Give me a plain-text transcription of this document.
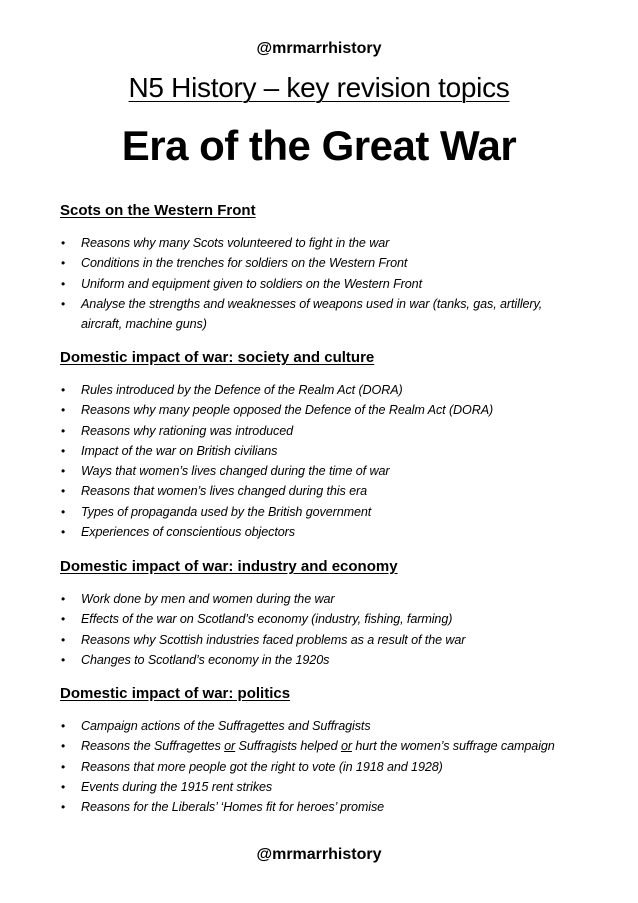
@mrmarrhistory
N5 History – key revision topics
Era of the Great War
Scots on the Western Front
• Reasons why many Scots volunteered to fight in the war
• Conditions in the trenches for soldiers on the Western Front
• Uniform and equipment given to soldiers on the Western Front
• Analyse the strengths and weaknesses of weapons used in war (tanks, gas, artillery,
aircraft, machine guns)
Domestic impact of war: society and culture
• Rules introduced by the Defence of the Realm Act (DORA)
• Reasons why many people opposed the Defence of the Realm Act (DORA)
• Reasons why rationing was introduced
• Impact of the war on British civilians
• Ways that women’s lives changed during the time of war
• Reasons that women’s lives changed during this era
• Types of propaganda used by the British government
• Experiences of conscientious objectors
Domestic impact of war: industry and economy
• Work done by men and women during the war
• Effects of the war on Scotland’s economy (industry, fishing, farming)
• Reasons why Scottish industries faced problems as a result of the war
• Changes to Scotland’s economy in the 1920s
Domestic impact of war: politics
• Campaign actions of the Suffragettes and Suffragists
• Reasons the Suffragettes or Suffragists helped or hurt the women’s suffrage campaign
• Reasons that more people got the right to vote (in 1918 and 1928)
• Events during the 1915 rent strikes
• Reasons for the Liberals’ ‘Homes fit for heroes’ promise
@mrmarrhistory
